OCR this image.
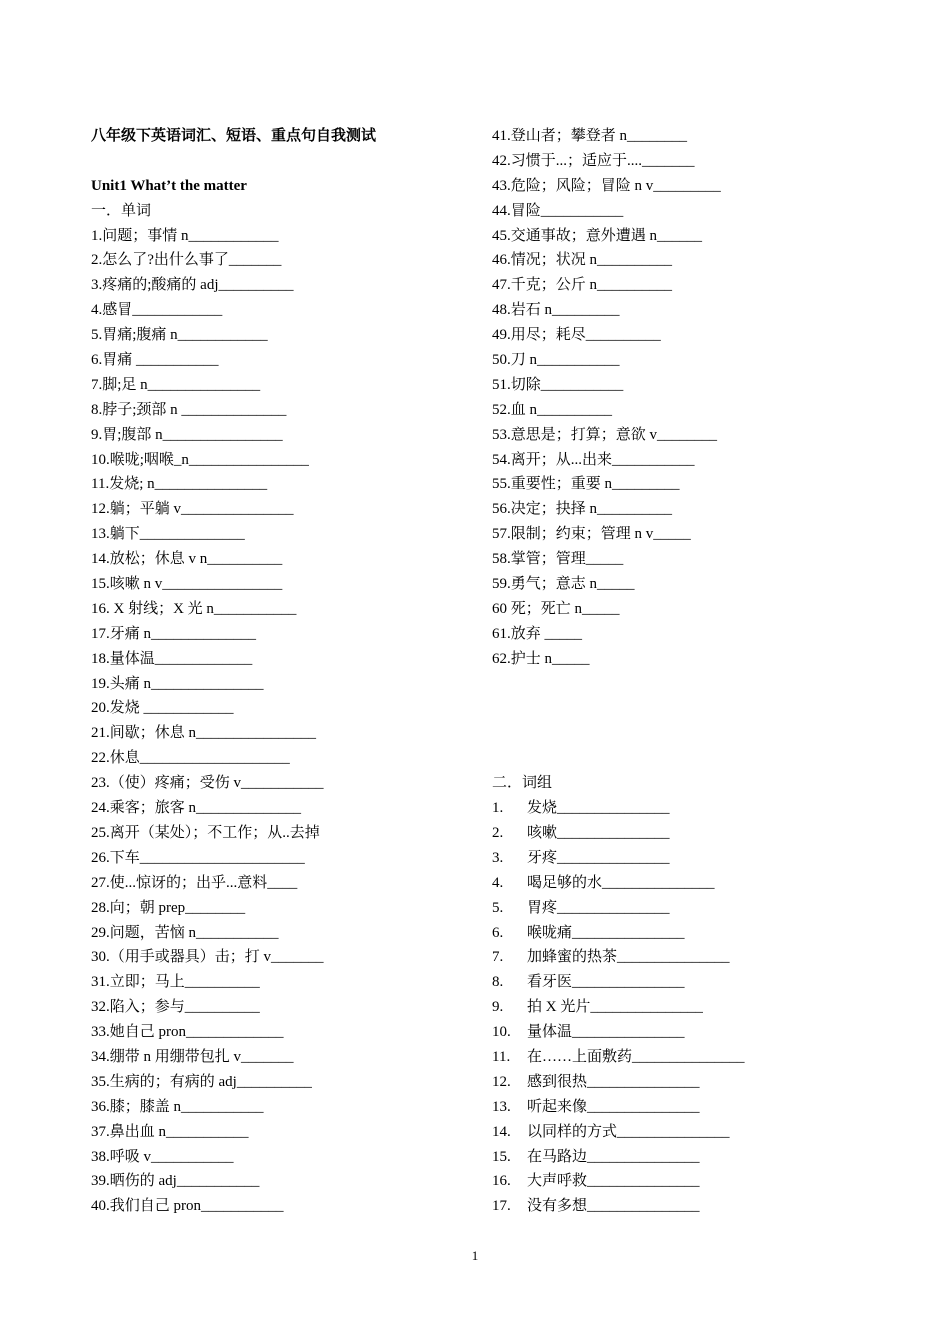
八年级下英语词汇、短语、重点句自我测试
Unit1 What’t the matter
一．单词
1.问题；事情 n____________
2.怎么了?出什么事了_______
3.疼痛的;酸痛的 adj__________
4.感冒____________
5.胃痛;腹痛 n____________
6.胃痛 ___________
7.脚;足 n_______________
8.脖子;颈部 n ______________
9.胃;腹部 n________________
10.喉咙;咽喉_n________________
11.发烧; n_______________
12.躺；平躺 v_______________
13.躺下______________
14.放松；休息 v n__________
15.咳嗽 n v________________
16. X 射线；X 光 n___________
17.牙痛 n______________
18.量体温_____________
19.头痛 n_______________
20.发烧 ____________
21.间歇；休息 n________________
22.休息____________________
23.（使）疼痛；受伤 v___________
24.乘客；旅客 n______________
25.离开（某处）；不工作；从..去掉
26.下车______________________
27.使...惊讶的；出乎...意料____
28.向；朝 prep________
29.问题，苦恼 n___________
30.（用手或器具）击；打 v_______
31.立即；马上__________
32.陷入；参与__________
33.她自己 pron_____________
34.绷带 n 用绷带包扎 v_______
35.生病的；有病的 adj__________
36.膝；膝盖 n___________
37.鼻出血 n___________
38.呼吸 v___________
39.晒伤的 adj___________
40.我们自己 pron___________
41.登山者；攀登者 n________
42.习惯于...；适应于...._______
43.危险；风险；冒险 n v_________
44.冒险___________
45.交通事故；意外遭遇 n______
46.情况；状况 n__________
47.千克；公斤 n__________
48.岩石 n_________
49.用尽；耗尽__________
50.刀 n___________
51.切除___________
52.血 n__________
53.意思是；打算；意欲 v________
54.离开；从...出来___________
55.重要性；重要 n_________
56.决定；抉择 n__________
57.限制；约束；管理 n v_____
58.掌管；管理_____
59.勇气；意志 n_____
60 死；死亡 n_____
61.放弃 _____
62.护士 n_____
二．词组
1. 发烧_______________
2. 咳嗽_______________
3. 牙疼_______________
4. 喝足够的水_______________
5. 胃疼_______________
6. 喉咙痛_______________
7. 加蜂蜜的热茶_______________
8. 看牙医_______________
9. 拍 X 光片_______________
10. 量体温_______________
11. 在……上面敷药_______________
12. 感到很热_______________
13. 听起来像_______________
14. 以同样的方式_______________
15. 在马路边_______________
16. 大声呼救_______________
17. 没有多想_______________
1
